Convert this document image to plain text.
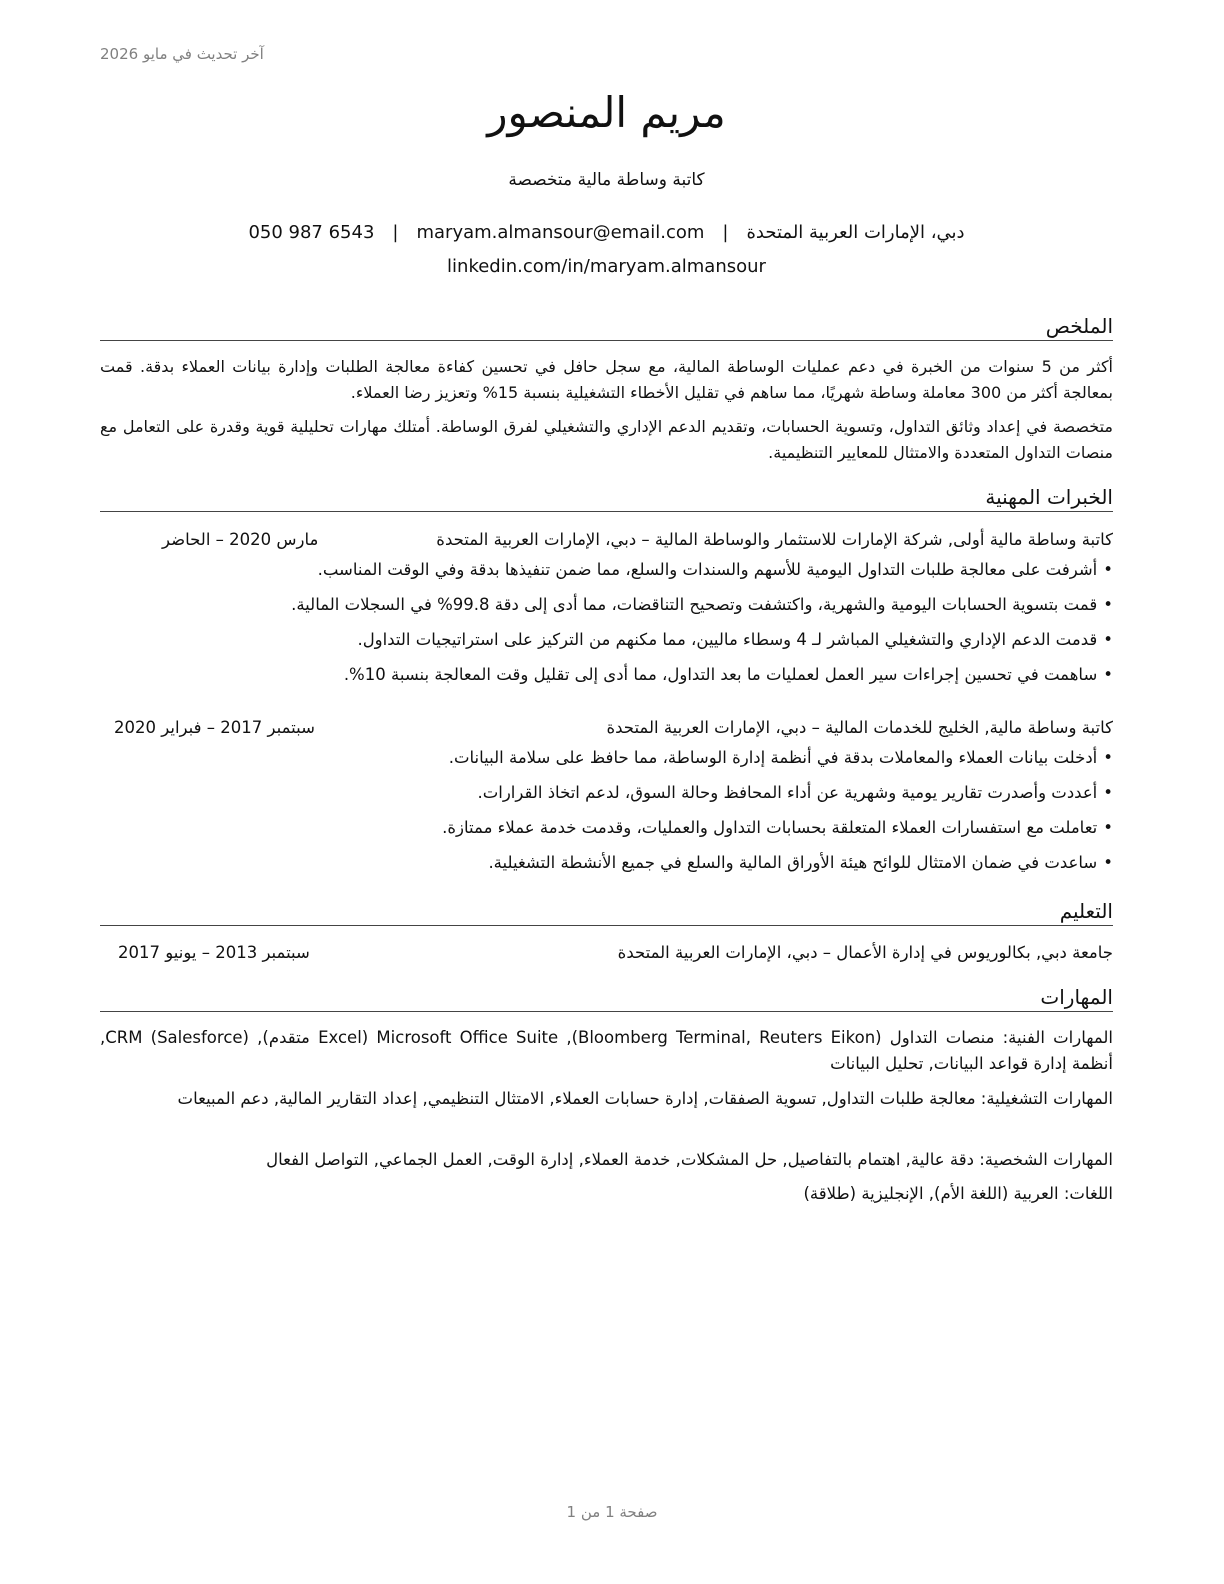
آخر تحديث في مايو 2026
مريم المنصور
كاتبة وساطة مالية متخصصة
دبي، الإمارات العربية المتحدة|maryam.almansour@email.com|050 987 6543
linkedin.com/in/maryam.almansour
الملخص
أكثر من 5 سنوات من الخبرة في دعم عمليات الوساطة المالية، مع سجل حافل في تحسين كفاءة معالجة الطلبات وإدارة بيانات العملاء بدقة. قمت بمعالجة أكثر من 300 معاملة وساطة شهريًا، مما ساهم في تقليل الأخطاء التشغيلية بنسبة 15% وتعزيز رضا العملاء.
متخصصة في إعداد وثائق التداول، وتسوية الحسابات، وتقديم الدعم الإداري والتشغيلي لفرق الوساطة. أمتلك مهارات تحليلية قوية وقدرة على التعامل مع منصات التداول المتعددة والامتثال للمعايير التنظيمية.
الخبرات المهنية
كاتبة وساطة مالية أولى, شركة الإمارات للاستثمار والوساطة المالية – دبي، الإمارات العربية المتحدة
مارس 2020 – الحاضر
•أشرفت على معالجة طلبات التداول اليومية للأسهم والسندات والسلع، مما ضمن تنفيذها بدقة وفي الوقت المناسب.
•قمت بتسوية الحسابات اليومية والشهرية، واكتشفت وتصحيح التناقضات، مما أدى إلى دقة 99.8% في السجلات المالية.
•قدمت الدعم الإداري والتشغيلي المباشر لـ 4 وسطاء ماليين، مما مكنهم من التركيز على استراتيجيات التداول.
•ساهمت في تحسين إجراءات سير العمل لعمليات ما بعد التداول، مما أدى إلى تقليل وقت المعالجة بنسبة 10%.
كاتبة وساطة مالية, الخليج للخدمات المالية – دبي، الإمارات العربية المتحدة
سبتمبر 2017 – فبراير 2020
•أدخلت بيانات العملاء والمعاملات بدقة في أنظمة إدارة الوساطة، مما حافظ على سلامة البيانات.
•أعددت وأصدرت تقارير يومية وشهرية عن أداء المحافظ وحالة السوق، لدعم اتخاذ القرارات.
•تعاملت مع استفسارات العملاء المتعلقة بحسابات التداول والعمليات، وقدمت خدمة عملاء ممتازة.
•ساعدت في ضمان الامتثال للوائح هيئة الأوراق المالية والسلع في جميع الأنشطة التشغيلية.
التعليم
جامعة دبي, بكالوريوس في إدارة الأعمال – دبي، الإمارات العربية المتحدة
سبتمبر 2013 – يونيو 2017
المهارات
المهارات الفنية: منصات التداول (Bloomberg Terminal, Reuters Eikon), Microsoft Office Suite (Excel متقدم), CRM (Salesforce), أنظمة إدارة قواعد البيانات, تحليل البيانات
المهارات التشغيلية: معالجة طلبات التداول, تسوية الصفقات, إدارة حسابات العملاء, الامتثال التنظيمي, إعداد التقارير المالية, دعم المبيعات
المهارات الشخصية: دقة عالية, اهتمام بالتفاصيل, حل المشكلات, خدمة العملاء, إدارة الوقت, العمل الجماعي, التواصل الفعال
اللغات: العربية (اللغة الأم), الإنجليزية (طلاقة)
صفحة 1 من 1
